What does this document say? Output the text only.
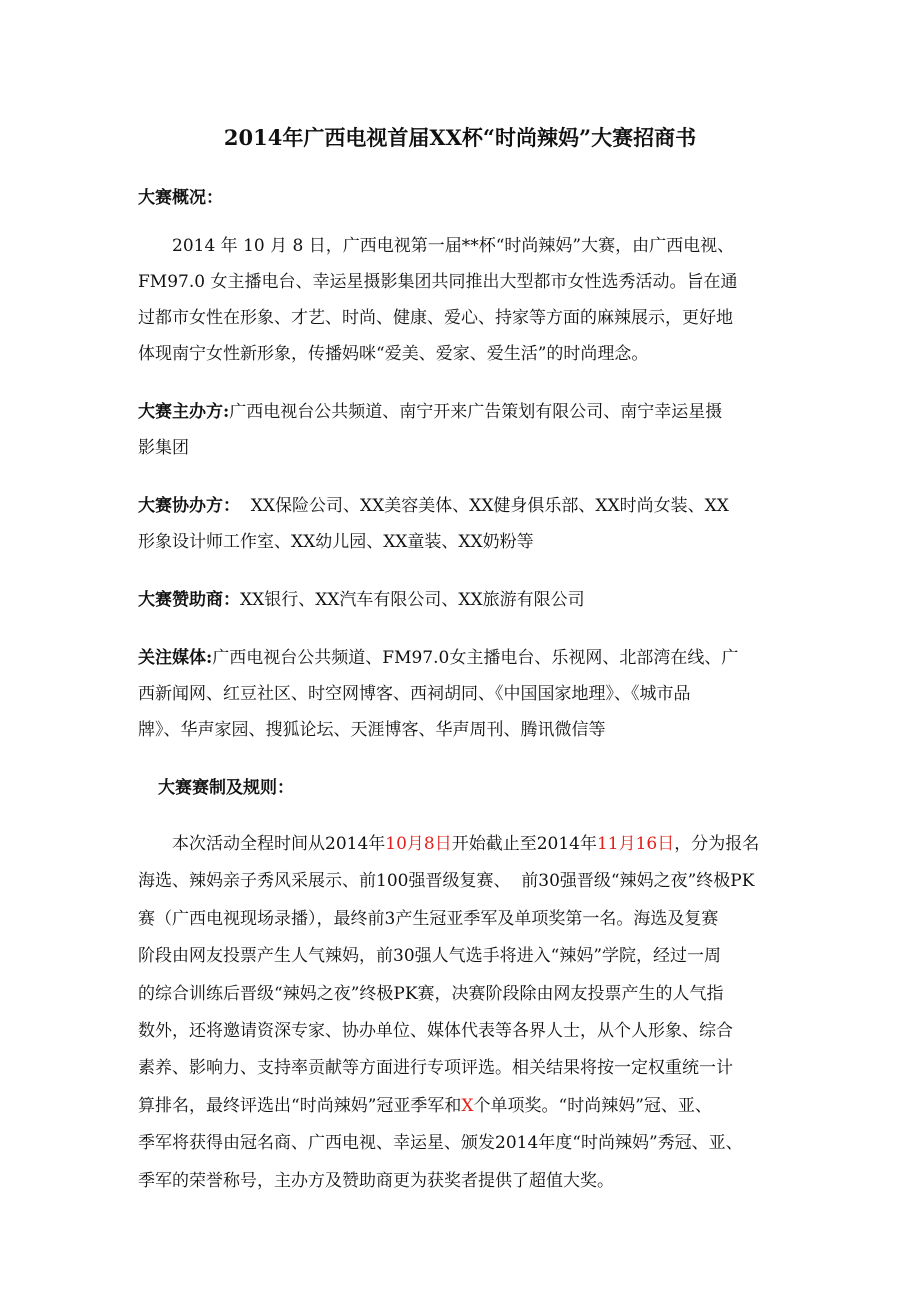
2014年广西电视首届XX杯“时尚辣妈”大赛招商书
大赛概况：
2014 年 10 月 8 日，广西电视第一届**杯“时尚辣妈”大赛，由广西电视、
FM97.0 女主播电台、幸运星摄影集团共同推出大型都市女性选秀活动。旨在通
过都市女性在形象、才艺、时尚、健康、爱心、持家等方面的麻辣展示，更好地
体现南宁女性新形象，传播妈咪“爱美、爱家、爱生活”的时尚理念。
大赛主办方:广西电视台公共频道、南宁开来广告策划有限公司、南宁幸运星摄
影集团
大赛协办方：  XX保险公司、XX美容美体、XX健身俱乐部、XX时尚女装、XX
形象设计师工作室、XX幼儿园、XX童装、XX奶粉等
大赛赞助商：XX银行、XX汽车有限公司、XX旅游有限公司
关注媒体:广西电视台公共频道、FM97.0女主播电台、乐视网、北部湾在线、广
西新闻网、红豆社区、时空网博客、西祠胡同、《中国国家地理》、《城市品
牌》、华声家园、搜狐论坛、天涯博客、华声周刊、腾讯微信等
大赛赛制及规则：
本次活动全程时间从2014年10月8日开始截止至2014年11月16日，分为报名
海选、辣妈亲子秀风采展示、前100强晋级复赛、  前30强晋级“辣妈之夜”终极PK
赛（广西电视现场录播），最终前3产生冠亚季军及单项奖第一名。海选及复赛
阶段由网友投票产生人气辣妈，前30强人气选手将进入“辣妈”学院，经过一周
的综合训练后晋级“辣妈之夜”终极PK赛，决赛阶段除由网友投票产生的人气指
数外，还将邀请资深专家、协办单位、媒体代表等各界人士，从个人形象、综合
素养、影响力、支持率贡献等方面进行专项评选。相关结果将按一定权重统一计
算排名，最终评选出“时尚辣妈”冠亚季军和X个单项奖。“时尚辣妈”冠、亚、
季军将获得由冠名商、广西电视、幸运星、颁发2014年度“时尚辣妈”秀冠、亚、
季军的荣誉称号，主办方及赞助商更为获奖者提供了超值大奖。
